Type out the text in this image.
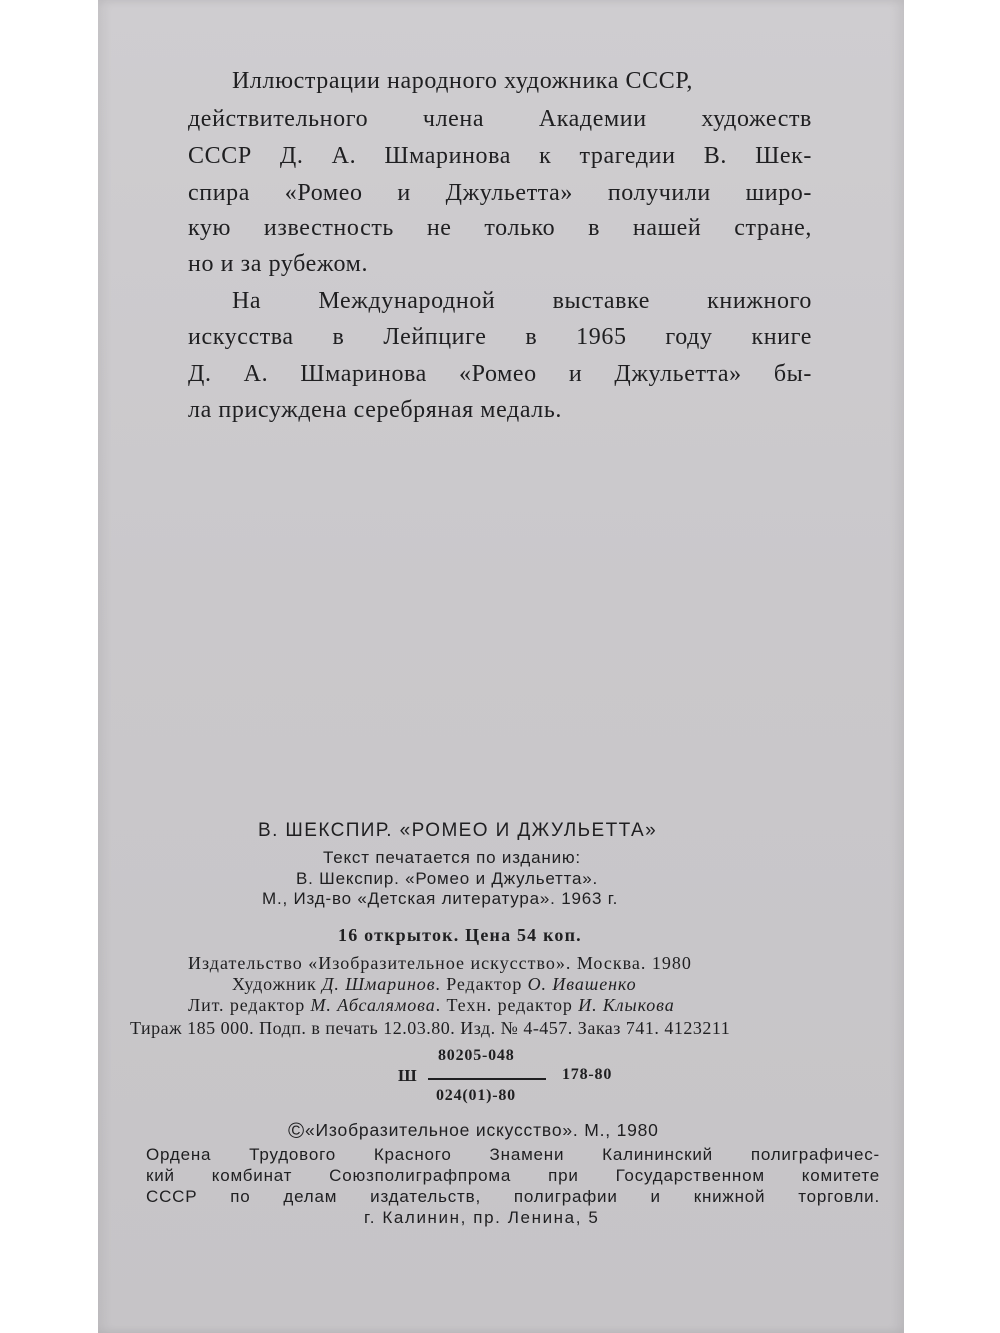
Иллюстрации народного художника СССР,
действительного члена Академии художеств
СССР Д. А. Шмаринова к трагедии В. Шек-
спира «Ромео и Джульетта» получили широ-
кую известность не только в нашей стране,
но и за рубежом.
На Международной выставке книжного
искусства в Лейпциге в 1965 году книге
Д. А. Шмаринова «Ромео и Джульетта» бы-
ла присуждена серебряная медаль.
В. ШЕКСПИР. «РОМЕО И ДЖУЛЬЕТТА»
Текст печатается по изданию:
В. Шекспир. «Ромео и Джульетта».
М., Изд-во «Детская литература». 1963 г.
16 открыток. Цена 54 коп.
Издательство «Изобразительное искусство». Москва. 1980
Художник Д. Шмаринов. Редактор О. Ивашенко
Лит. редактор М. Абсалямова. Техн. редактор И. Клыкова
Тираж 185 000. Подп. в печать 12.03.80. Изд. № 4-457. Заказ 741. 4123211
80205-048
Ш	178-80
024(01)-80
©«Изобразительное искусство». М., 1980
Ордена Трудового Красного Знамени Калининский полиграфичес-
кий комбинат Союзполиграфпрома при Государственном комитете
СССР по делам издательств, полиграфии и книжной торговли.
г. Калинин, пр. Ленина, 5
